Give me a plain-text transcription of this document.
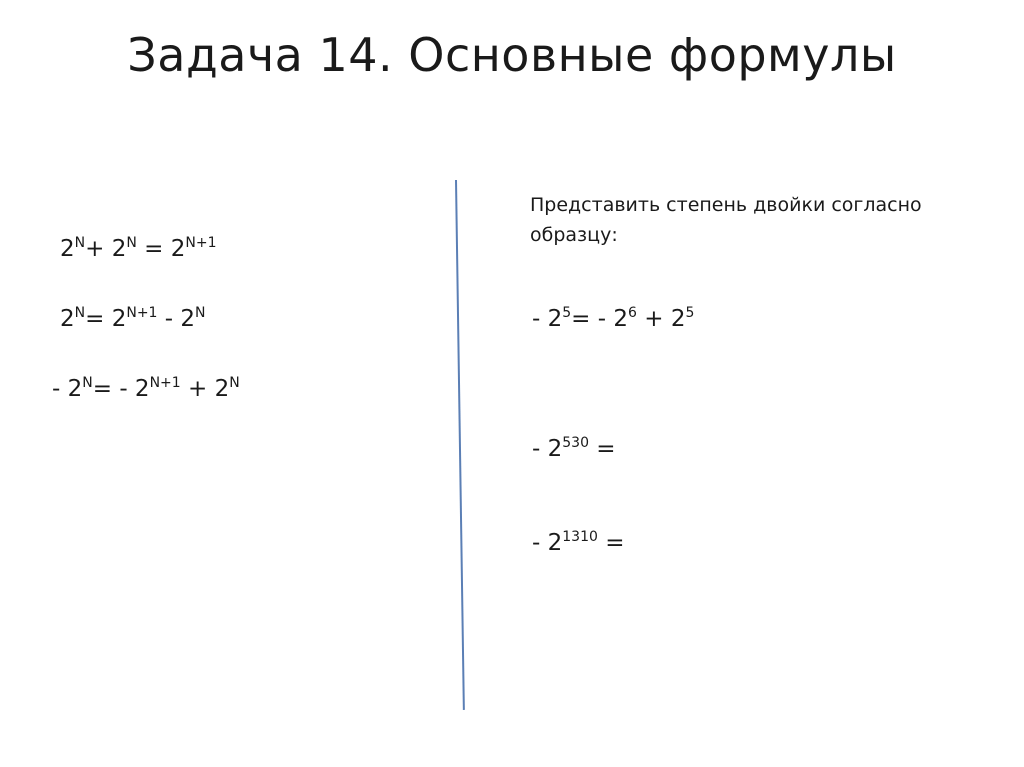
Задача 14. Основные формулы
$2^N+ 2^N = 2^{N+1}$
$2^N= 2^{N+1} - 2^N$
- $2^N= - 2^{N+1} + 2^N$
Представить степень двойки согласно образцу:
- $2^5= - 2^6 + 2^5$
- $2^{530}$ =
- $2^{1310}$ =
